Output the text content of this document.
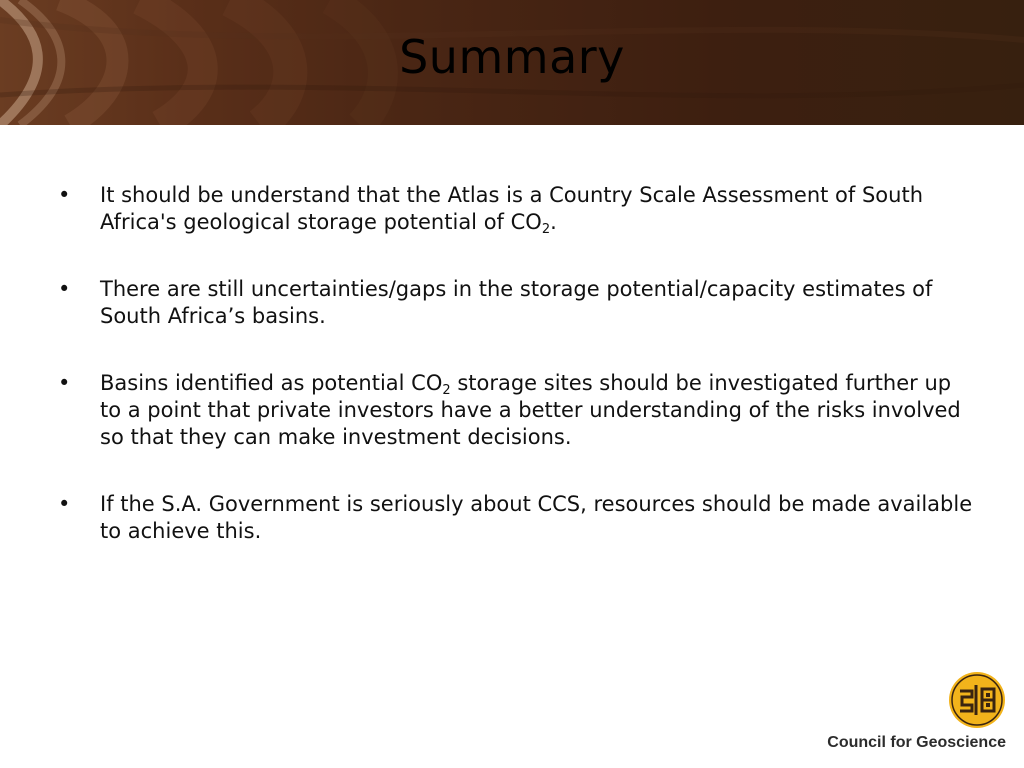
Summary
• It should be understand that the Atlas is a Country Scale Assessment of South Africa's geological storage potential of $CO_2$.
• There are still uncertainties/gaps in the storage potential/capacity estimates of South Africa’s basins.
• Basins identified as potential $CO_2$ storage sites should be investigated further up to a point that private investors have a better understanding of the risks involved so that they can make investment decisions.
• If the S.A. Government is seriously about CCS, resources should be made available to achieve this.
Council for Geoscience
